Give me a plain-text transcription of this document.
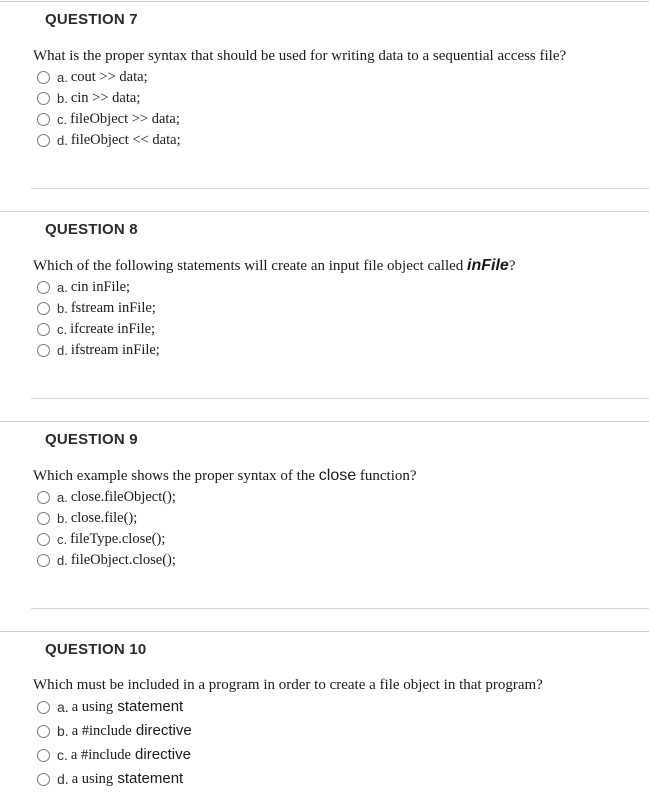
QUESTION 7
What is the proper syntax that should be used for writing data to a sequential access file?
a. cout >> data;
b. cin >> data;
c. fileObject >> data;
d. fileObject << data;
QUESTION 8
Which of the following statements will create an input file object called inFile?
a. cin inFile;
b. fstream inFile;
c. ifcreate inFile;
d. ifstream inFile;
QUESTION 9
Which example shows the proper syntax of the close function?
a. close.fileObject();
b. close.file();
c. fileType.close();
d. fileObject.close();
QUESTION 10
Which must be included in a program in order to create a file object in that program?
a. a using statement
b. a #include directive
c. a #include directive
d. a using statement
